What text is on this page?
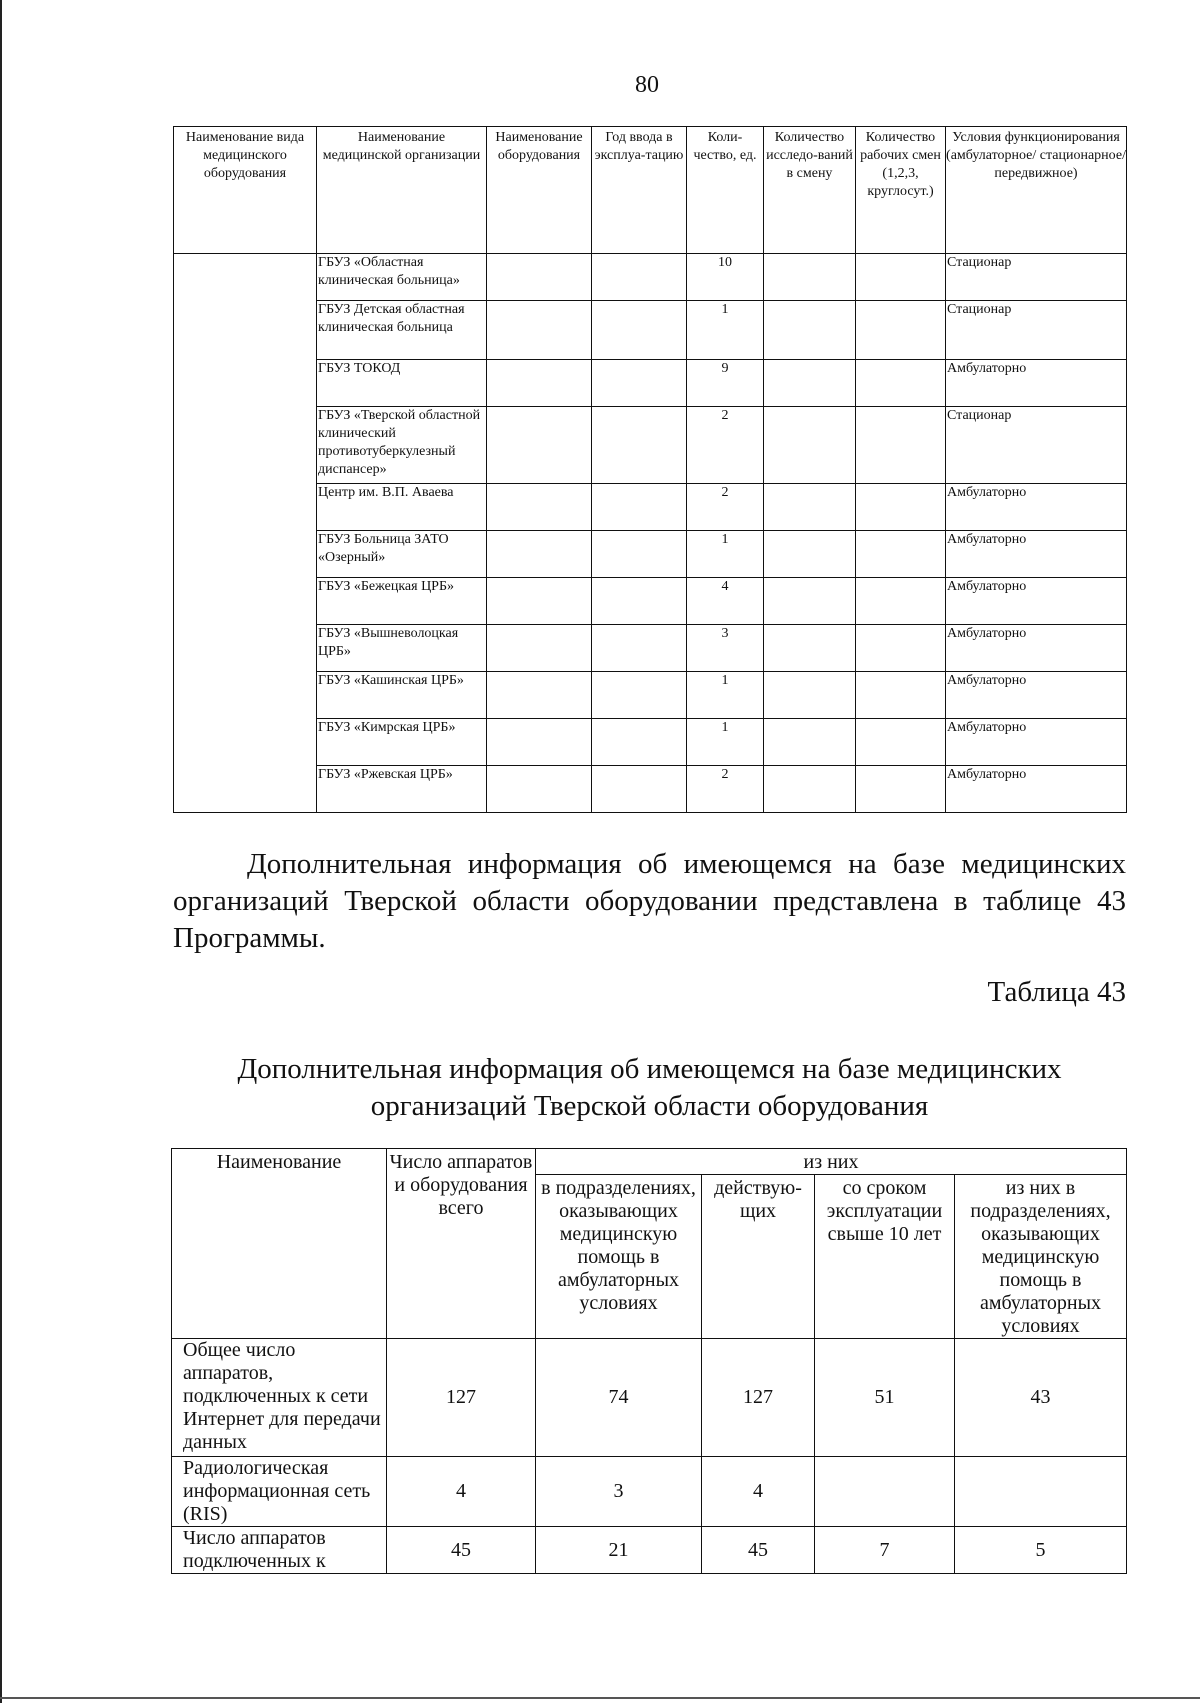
80
Наименование вида медицинского оборудования	Наименование медицинской организации	Наименование оборудования	Год ввода в эксплуа-тацию	Коли-чество, ед.	Количество исследо-ваний в смену	Количество рабочих смен (1,2,3, круглосут.)	Условия функционирования (амбулаторное/ стационарное/ передвижное)
	ГБУЗ «Областная клиническая больница»			10			Стационар
	ГБУЗ Детская областная клиническая больница			1			Стационар
	ГБУЗ ТОКОД			9			Амбулаторно
	ГБУЗ «Тверской областной клинический противотуберкулезный диспансер»			2			Стационар
	Центр им. В.П. Аваева			2			Амбулаторно
	ГБУЗ Больница ЗАТО «Озерный»			1			Амбулаторно
	ГБУЗ «Бежецкая ЦРБ»			4			Амбулаторно
	ГБУЗ «Вышневолоцкая ЦРБ»			3			Амбулаторно
	ГБУЗ «Кашинская ЦРБ»			1			Амбулаторно
	ГБУЗ «Кимрская ЦРБ»			1			Амбулаторно
	ГБУЗ «Ржевская ЦРБ»			2			Амбулаторно

Дополнительная информация об имеющемся на базе медицинских организаций Тверской области оборудовании представлена в таблице 43 Программы.

Таблица 43
Дополнительная информация об имеющемся на базе медицинских
организаций Тверской области оборудования
Наименование	Число аппаратов и оборудования всего	из них			
		в подразделениях, оказывающих медицинскую помощь в амбулаторных условиях	действую-щих	со сроком эксплуатации свыше 10 лет	из них в подразделениях, оказывающих медицинскую помощь в амбулаторных условиях
Общее число аппаратов, подключенных к сети Интернет для передачи данных	127	74	127	51	43
Радиологическая информационная сеть (RIS)	4	3	4		
Число аппаратов подключенных к	45	21	45	7	5
